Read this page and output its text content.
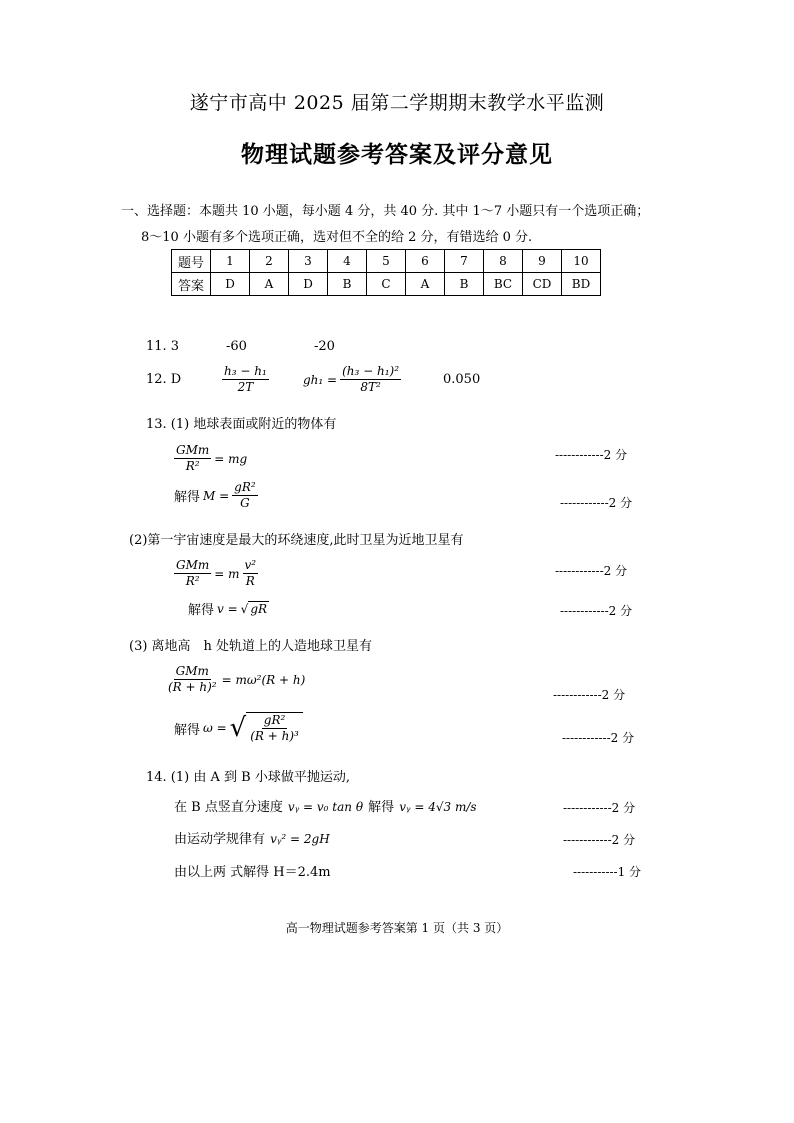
遂宁市高中 2025 届第二学期期末教学水平监测
物理试题参考答案及评分意见
一、选择题：本题共 10 小题，每小题 4 分，共 40 分. 其中 1～7 小题只有一个选项正确；
8～10 小题有多个选项正确，选对但不全的给 2 分，有错选给 0 分.
题号	1	2	3	4	5	6	7	8	9	10
答案	D	A	D	B	C	A	B	BC	CD	BD
11. 3	-60	-20
12. D	$\frac{\text{h₃ − h₁}}{2T}$	$gh_1 = \frac{\text{(h₃ − h₁)²}}{\text{8T²}}$	0.050
13. (1) 地球表面或附近的物体有
$\frac{\text{GMm}}{\text{R²}}$ = mg	------------2 分
解得 $M = \frac{\text{gR²}}{G}$	------------2 分
(2)第一宇宙速度是最大的环绕速度,此时卫星为近地卫星有
$\frac{\text{GMm}}{\text{R²}} = m \frac{\text{v²}}{R}$	------------2 分
解得 v = √ gR	------------2 分
(3) 离地高　h 处轨道上的人造地球卫星有
$\frac{\text{GMm}}{\text{(R + h)²}} = m\omega^2(R + h)$
------------2 分
解得 ω = √ $\frac{\text{gR²}}{\text{(R + h)³}}$	------------2 分
14. (1) 由 A 到 B 小球做平抛运动,
在 B 点竖直分速度 vᵧ = v₀ tan θ 解得 vᵧ = 4√3 m/s	------------2 分
由运动学规律有 vᵧ² = 2gH	------------2 分
由以上两 式解得 H＝2.4m	-----------1 分
高一物理试题参考答案第 1 页（共 3 页）
